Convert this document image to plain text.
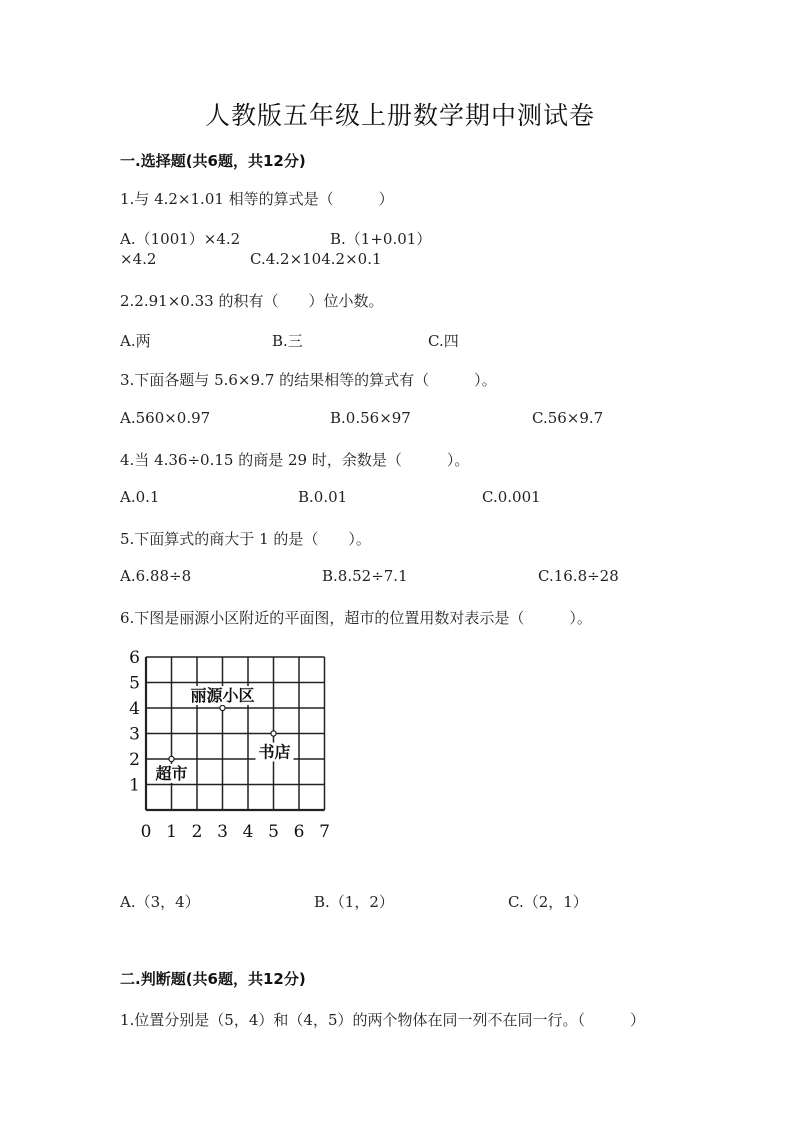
人教版五年级上册数学期中测试卷
一.选择题(共6题，共12分)
1.与 4.2×1.01 相等的算式是（　　　）
A.（1001）×4.2	B.（1+0.01）
×4.2	C.4.2×104.2×0.1
2.2.91×0.33 的积有（　　）位小数。
A.两	B.三	C.四
3.下面各题与 5.6×9.7 的结果相等的算式有（　　　）。
A.560×0.97	B.0.56×97	C.56×9.7
4.当 4.36÷0.15 的商是 29 时，余数是（　　　）。
A.0.1	B.0.01	C.0.001
5.下面算式的商大于 1 的是（　　）。
A.6.88÷8	B.8.52÷7.1	C.16.8÷28
6.下图是丽源小区附近的平面图，超市的位置用数对表示是（　　　）。
6
5
4
3
2
1
0 1 2 3 4 5 6 7
丽源小区
书店
超市
A.（3，4）	B.（1，2）	C.（2，1）
二.判断题(共6题，共12分)
1.位置分别是（5，4）和（4，5）的两个物体在同一列不在同一行。（　　　）
